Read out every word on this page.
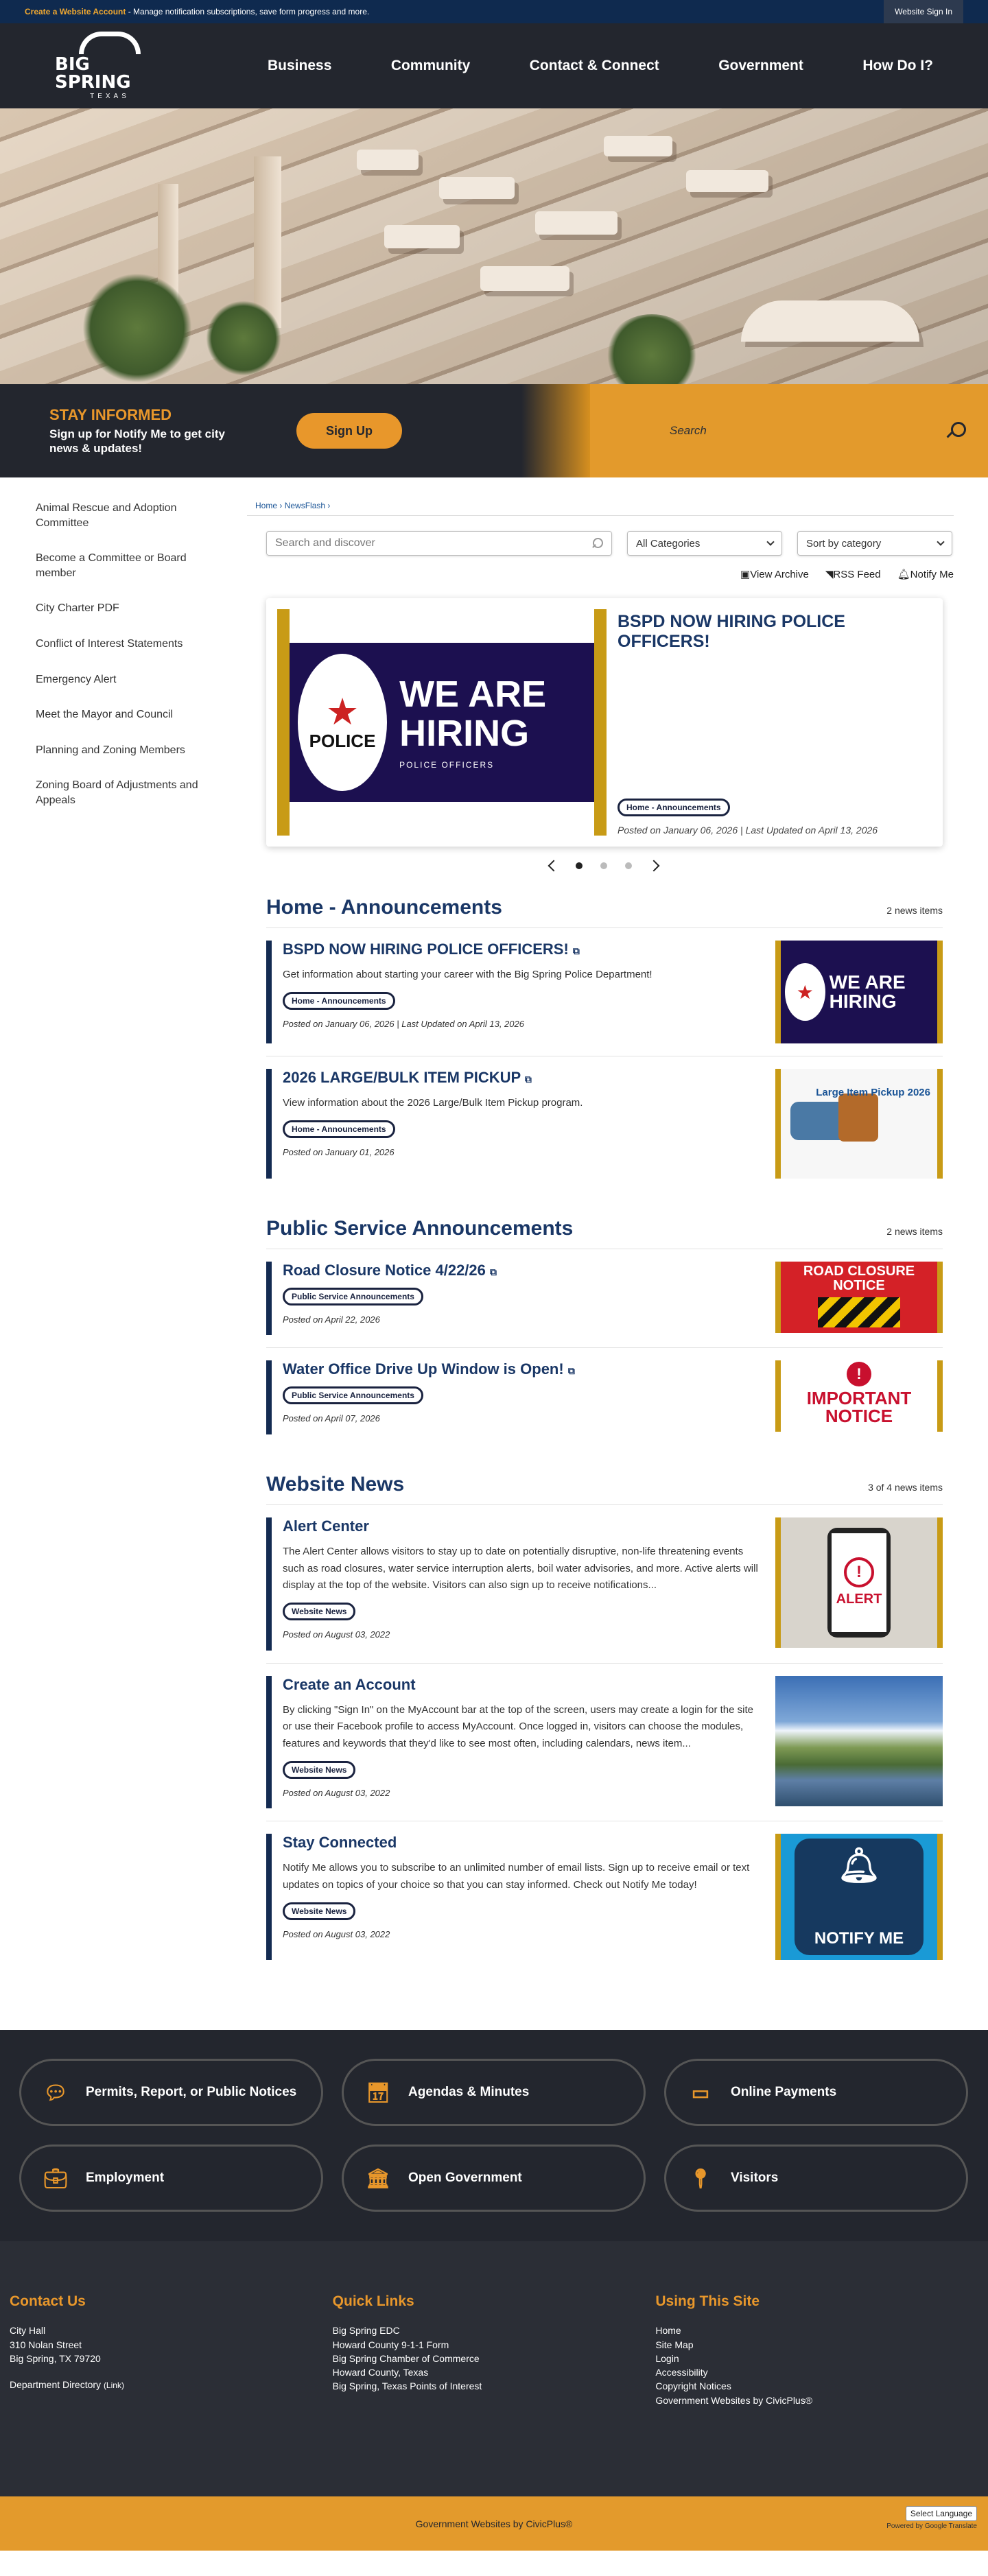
Create a Website Account - Manage notification subscriptions, save form progress and more.	Website Sign In
BIG SPRING
TEXAS
Business	Community	Contact & Connect	Government	How Do I?
STAY INFORMED

Sign up for Notify Me to get city news & updates!

Sign Up	Search
Animal Rescue and Adoption Committee
Become a Committee or Board member
City Charter PDF
Conflict of Interest Statements
Emergency Alert
Meet the Mayor and Council
Planning and Zoning Members
Zoning Board of Adjustments and Appeals
Home › NewsFlash ›
Search and discover
All Categories	Sort by category
▣View Archive ◥RSS Feed 🔔︎Notify Me
★
POLICE
WE ARE HIRING
POLICE OFFICERS
BSPD NOW HIRING POLICE OFFICERS!
Home - Announcements

Posted on January 06, 2026 | Last Updated on April 13, 2026

Home - Announcements	2 news items
BSPD NOW HIRING POLICE OFFICERS! ⧉

Get information about starting your career with the Big Spring Police Department!

Home - Announcements

Posted on January 06, 2026 | Last Updated on April 13, 2026

★ WE ARE HIRING
2026 LARGE/BULK ITEM PICKUP ⧉

View information about the 2026 Large/Bulk Item Pickup program.

Home - Announcements

Posted on January 01, 2026

Large Item Pickup 2026
Public Service Announcements	2 news items
Road Closure Notice 4/22/26 ⧉
Public Service Announcements

Posted on April 22, 2026

ROAD CLOSURE NOTICE
Water Office Drive Up Window is Open! ⧉
Public Service Announcements

Posted on April 07, 2026

!
IMPORTANT NOTICE
Website News	3 of 4 news items
Alert Center

The Alert Center allows visitors to stay up to date on potentially disruptive, non-life threatening events such as road closures, water service interruption alerts, boil water advisories, and more. Active alerts will display at the top of the website. Visitors can also sign up to receive notifications...

Website News

Posted on August 03, 2022

!
ALERT
Create an Account

By clicking "Sign In" on the MyAccount bar at the top of the screen, users may create a login for the site or use their Facebook profile to access MyAccount. Once logged in, visitors can choose the modules, features and keywords that they'd like to see most often, including calendars, news item...

Website News

Posted on August 03, 2022

Stay Connected

Notify Me allows you to subscribe to an unlimited number of email lists. Sign up to receive email or text updates on topics of your choice so that you can stay informed. Check out Notify Me today!

Website News

Posted on August 03, 2022

🔔︎
NOTIFY ME
💬︎ Permits, Report, or Public Notices	📅︎ Agendas & Minutes	▭	Online Payments
💼︎ Employment	🏛︎ Open Government	📍︎ Visitors
Contact Us

City Hall

310 Nolan Street

Big Spring, TX 79720

Department Directory (Link)

Quick Links
Big Spring EDC
Howard County 9-1-1 Form
Big Spring Chamber of Commerce
Howard County, Texas
Big Spring, Texas Points of Interest
Using This Site
Home
Site Map
Login
Accessibility
Copyright Notices
Government Websites by CivicPlus®
Government Websites by CivicPlus®
Select Language
Powered by Google Translate
